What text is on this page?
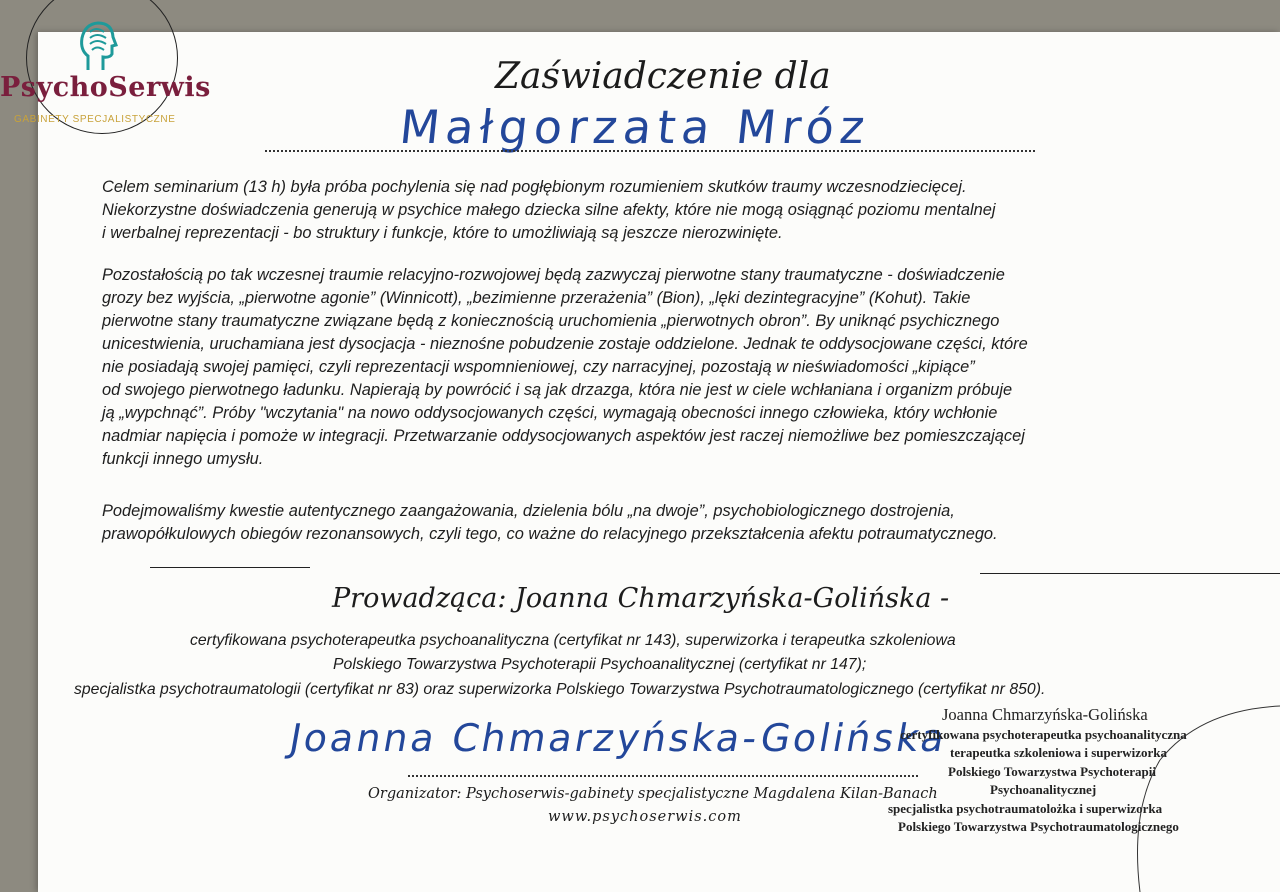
PsychoSerwis
GABINETY SPECJALISTYCZNE
Zaświadczenie dla
Małgorzata Mróz
Celem seminarium (13 h) była próba pochylenia się nad pogłębionym rozumieniem skutków traumy wczesnodziecięcej.
Niekorzystne doświadczenia generują w psychice małego dziecka silne afekty, które nie mogą osiągnąć poziomu mentalnej
i werbalnej reprezentacji - bo struktury i funkcje, które to umożliwiają są jeszcze nierozwinięte.
Pozostałością po tak wczesnej traumie relacyjno-rozwojowej będą zazwyczaj pierwotne stany traumatyczne - doświadczenie
grozy bez wyjścia, „pierwotne agonie” (Winnicott), „bezimienne przerażenia” (Bion), „lęki dezintegracyjne” (Kohut). Takie
pierwotne stany traumatyczne związane będą z koniecznością uruchomienia „pierwotnych obron”. By uniknąć psychicznego
unicestwienia, uruchamiana jest dysocjacja - nieznośne pobudzenie zostaje oddzielone. Jednak te oddysocjowane części, które
nie posiadają swojej pamięci, czyli reprezentacji wspomnieniowej, czy narracyjnej, pozostają w nieświadomości „kipiące”
od swojego pierwotnego ładunku. Napierają by powrócić i są jak drzazga, która nie jest w ciele wchłaniana i organizm próbuje
ją „wypchnąć”. Próby "wczytania" na nowo oddysocjowanych części, wymagają obecności innego człowieka, który wchłonie
nadmiar napięcia i pomoże w integracji. Przetwarzanie oddysocjowanych aspektów jest raczej niemożliwe bez pomieszczającej
funkcji innego umysłu.
Podejmowaliśmy kwestie autentycznego zaangażowania, dzielenia bólu „na dwoje”, psychobiologicznego dostrojenia,
prawopółkulowych obiegów rezonansowych, czyli tego, co ważne do relacyjnego przekształcenia afektu potraumatycznego.
Prowadząca: Joanna Chmarzyńska-Golińska -
certyfikowana psychoterapeutka psychoanalityczna (certyfikat nr 143), superwizorka i terapeutka szkoleniowa
Polskiego Towarzystwa Psychoterapii Psychoanalitycznej (certyfikat nr 147);
specjalistka psychotraumatologii (certyfikat nr 83) oraz superwizorka Polskiego Towarzystwa Psychotraumatologicznego (certyfikat nr 850).
Joanna Chmarzyńska-Golińska
Organizator: Psychoserwis-gabinety specjalistyczne Magdalena Kilan-Banach
www.psychoserwis.com
Joanna Chmarzyńska-Golińska
certyfikowana psychoterapeutka psychoanalityczna
terapeutka szkoleniowa i superwizorka
Polskiego Towarzystwa Psychoterapii
Psychoanalitycznej
specjalistka psychotraumatolożka i superwizorka
Polskiego Towarzystwa Psychotraumatologicznego
